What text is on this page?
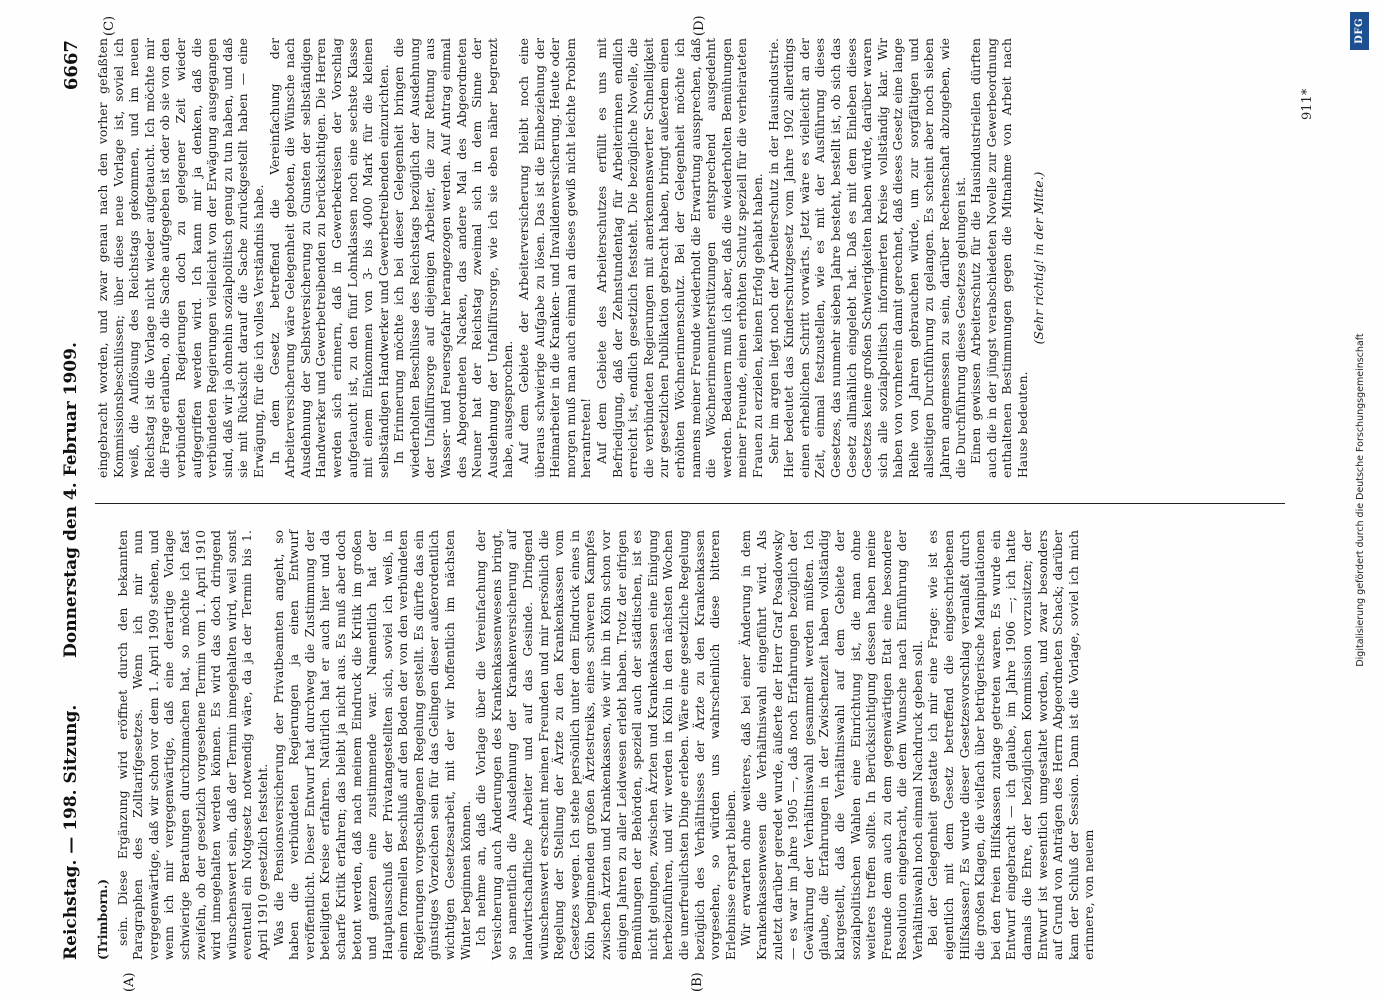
Reichstag. — 198. Sitzung.
Donnerstag den 4. Februar 1909.
6667
(A)	(B)
(C)	(D)
(Trimborn.) sein. Diese Ergänzung wird eröffnet durch den bekannten Paragraphen des Zolltarifgesetzes. Wenn ich mir nun vergegenwärtige, daß wir schon vor dem 1. April 1909 stehen, und wenn ich mir vergegenwärtige, daß eine derartige Vorlage schwierige Beratungen durchzumachen hat, so möchte ich fast zweifeln, ob der gesetzlich vorgesehene Termin vom 1. April 1910 wird innegehalten werden können. Es wird das doch dringend wünschenswert sein, daß der Termin innegehalten wird, weil sonst eventuell ein Notgesetz notwendig wäre, da ja der Termin bis 1. April 1910 gesetzlich feststeht. Was die Pensionsversicherung der Privatbeamten angeht, so haben die verbündeten Regierungen ja einen Entwurf veröffentlicht. Dieser Entwurf hat durchweg die Zustimmung der beteiligten Kreise erfahren. Natürlich hat er auch hier und da scharfe Kritik erfahren; das bleibt ja nicht aus. Es muß aber doch betont werden, daß nach meinem Eindruck die Kritik im großen und ganzen eine zustimmende war. Namentlich hat der Hauptausschuß der Privatangestellten sich, soviel ich weiß, in einem formellen Beschluß auf den Boden der von den verbündeten Regierungen vorgeschlagenen Regelung gestellt. Es dürfte das ein günstiges Vorzeichen sein für das Gelingen dieser außerordentlich wichtigen Gesetzesarbeit, mit der wir hoffentlich im nächsten Winter beginnen können. Ich nehme an, daß die Vorlage über die Vereinfachung der Versicherung auch Änderungen des Krankenkassenwesens bringt, so namentlich die Ausdehnung der Krankenversicherung auf landwirtschaftliche Arbeiter und auf das Gesinde. Dringend wünschenswert erscheint meinen Freunden und mir persönlich die Regelung der Stellung der Ärzte zu den Krankenkassen vom Gesetzes wegen. Ich stehe persönlich unter dem Eindruck eines in Köln beginnenden großen Ärztestreiks, eines schweren Kampfes zwischen Ärzten und Krankenkassen, wie wir ihn in Köln schon vor einigen Jahren zu aller Leidwesen erlebt haben. Trotz der eifrigen Bemühungen der Behörden, speziell auch der städtischen, ist es nicht gelungen, zwischen Ärzten und Krankenkassen eine Einigung herbeizuführen, und wir werden in Köln in den nächsten Wochen die unerfreulichsten Dinge erleben. Wäre eine gesetzliche Regelung bezüglich des Verhältnisses der Ärzte zu den Krankenkassen vorgesehen, so würden uns wahrscheinlich diese bitteren Erlebnisse erspart bleiben. Wir erwarten ohne weiteres, daß bei einer Änderung in dem Krankenkassenwesen die Verhältniswahl eingeführt wird. Als zuletzt darüber geredet wurde, äußerte der Herr Graf Posadowsky — es war im Jahre 1905 —, daß noch Erfahrungen bezüglich der Gewährung der Verhältniswahl gesammelt werden müßten. Ich glaube, die Erfahrungen in der Zwischenzeit haben vollständig klargestellt, daß die Verhältniswahl auf dem Gebiete der sozialpolitischen Wahlen eine Einrichtung ist, die man ohne weiteres treffen sollte. In Berücksichtigung dessen haben meine Freunde dem auch zu dem gegenwärtigen Etat eine besondere Resolution eingebracht, die dem Wunsche nach Einführung der Verhältniswahl noch einmal Nachdruck geben soll. Bei der Gelegenheit gestatte ich mir eine Frage: wie ist es eigentlich mit dem Gesetz betreffend die eingeschriebenen Hilfskassen? Es wurde dieser Gesetzesvorschlag veranlaßt durch die großen Klagen, die vielfach über betrügerische Manipulationen bei den freien Hilfskassen zutage getreten waren. Es wurde ein Entwurf eingebracht — ich glaube, im Jahre 1906 —; ich hatte damals die Ehre, der bezüglichen Kommission vorzusitzen; der Entwurf ist wesentlich umgestaltet worden, und zwar besonders auf Grund von Anträgen des Herrn Abgeordneten Schack; darüber kam der Schluß der Session. Dann ist die Vorlage, soviel ich mich erinnere, von neuem

eingebracht worden, und zwar genau nach den vorher gefaßten Kommissionsbeschlüssen; über diese neue Vorlage ist, soviel ich weiß, die Auflösung des Reichstags gekommen, und im neuen Reichstag ist die Vorlage nicht wieder aufgetaucht. Ich möchte mir die Frage erlauben, ob die Sache aufgegeben ist oder ob sie von den verbündeten Regierungen doch zu gelegener Zeit wieder aufgegriffen werden wird. Ich kann mir ja denken, daß die verbündeten Regierungen vielleicht von der Erwägung ausgegangen sind, daß wir ja ohnehin sozialpolitisch genug zu tun haben, und daß sie mit Rücksicht darauf die Sache zurückgestellt haben — eine Erwägung, für die ich volles Verständnis habe. In dem Gesetz betreffend die Vereinfachung der Arbeiterversicherung wäre Gelegenheit geboten, die Wünsche nach Ausdehnung der Selbstversicherung zu Gunsten der selbständigen Handwerker und Gewerbetreibenden zu berücksichtigen. Die Herren werden sich erinnern, daß in Gewerbekreisen der Vorschlag aufgetaucht ist, zu den fünf Lohnklassen noch eine sechste Klasse mit einem Einkommen von 3- bis 4000 Mark für die kleinen selbständigen Handwerker und Gewerbetreibenden einzurichten. In Erinnerung möchte ich bei dieser Gelegenheit bringen die wiederholten Beschlüsse des Reichstags bezüglich der Ausdehnung der Unfallfürsorge auf diejenigen Arbeiter, die zur Rettung aus Wasser- und Feuersgefahr herangezogen werden. Auf Antrag einmal des Abgeordneten Nacken, das andere Mal des Abgeordneten Neuner hat der Reichstag zweimal sich in dem Sinne der Ausdehnung der Unfallfürsorge, wie ich sie eben näher begrenzt habe, ausgesprochen. Auf dem Gebiete der Arbeiterversicherung bleibt noch eine überaus schwierige Aufgabe zu lösen. Das ist die Einbeziehung der Heimarbeiter in die Kranken- und Invalidenversicherung. Heute oder morgen muß man auch einmal an dieses gewiß nicht leichte Problem herantreten! Auf dem Gebiete des Arbeiterschutzes erfüllt es uns mit Befriedigung, daß der Zehnstundentag für Arbeiterinnen endlich erreicht ist, endlich gesetzlich feststeht. Die bezügliche Novelle, die die verbündeten Regierungen mit anerkennenswerter Schnelligkeit zur gesetzlichen Publikation gebracht haben, bringt außerdem einen erhöhten Wöchnerinnenschutz. Bei der Gelegenheit möchte ich namens meiner Freunde wiederholt die Erwartung aussprechen, daß die Wöchnerinnenunterstützungen entsprechend ausgedehnt werden. Bedauern muß ich aber, daß die wiederholten Bemühungen meiner Freunde, einen erhöhten Schutz speziell für die verheirateten Frauen zu erzielen, keinen Erfolg gehabt haben. Sehr im argen liegt noch der Arbeiterschutz in der Hausindustrie. Hier bedeutet das Kinderschutzgesetz vom Jahre 1902 allerdings einen erheblichen Schritt vorwärts. Jetzt wäre es vielleicht an der Zeit, einmal festzustellen, wie es mit der Ausführung dieses Gesetzes, das nunmehr sieben Jahre besteht, bestellt ist, ob sich das Gesetz allmählich eingelebt hat. Daß es mit dem Einleben dieses Gesetzes keine großen Schwierigkeiten haben würde, darüber waren sich alle sozialpolitisch informierten Kreise vollständig klar. Wir haben von vornherein damit gerechnet, daß dieses Gesetz eine lange Reihe von Jahren gebrauchen würde, um zur sorgfältigen und allseitigen Durchführung zu gelangen. Es scheint aber noch sieben Jahren angemessen zu sein, darüber Rechenschaft abzugeben, wie die Durchführung dieses Gesetzes gelungen ist. Einen gewissen Arbeiterschutz für die Hausindustriellen dürften auch die in der jüngst verabschiedeten Novelle zur Gewerbeordnung enthaltenen Bestimmungen gegen die Mitnahme von Arbeit nach Hause bedeuten.

(Sehr richtig! in der Mitte.)

911*
Digitalisierung gefördert durch die Deutsche Forschungsgemeinschaft
DFG
